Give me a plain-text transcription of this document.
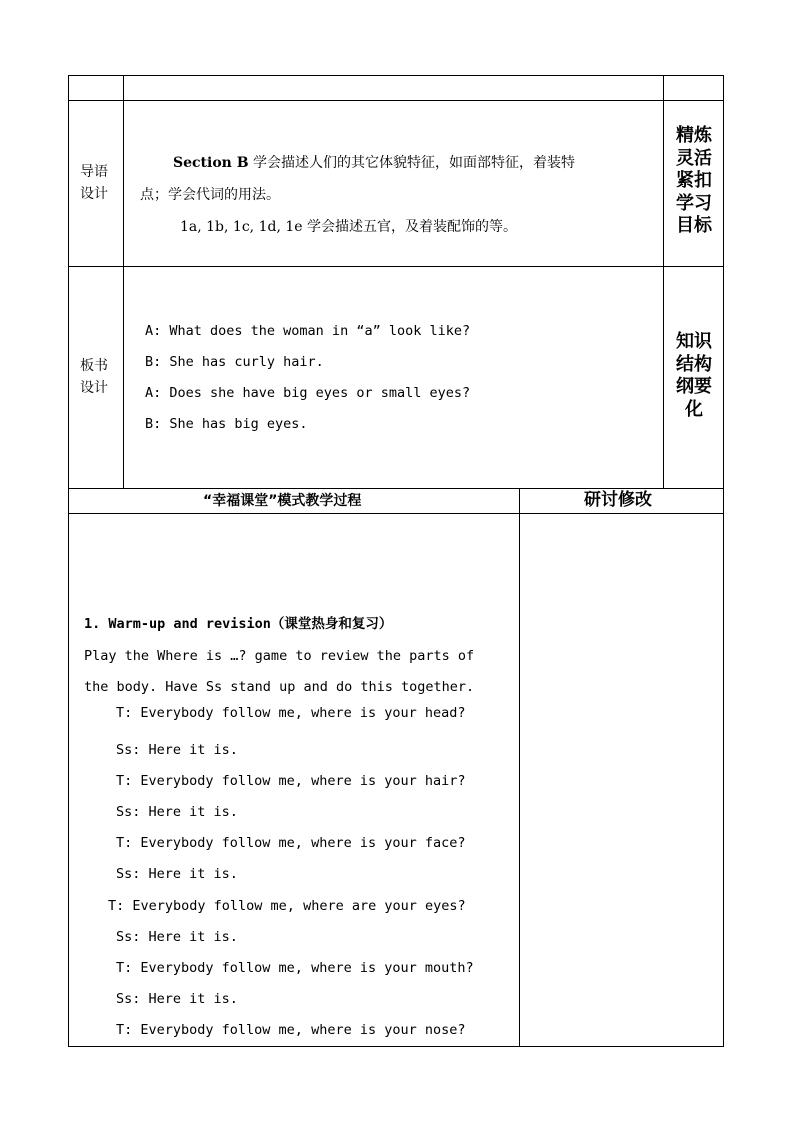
导语
设计
板书
设计
精炼
灵活
紧扣
学习
目标
知识
结构
纲要
化
Section B 学会描述人们的其它体貌特征，如面部特征，着装特
点；学会代词的用法。
1a, 1b, 1c, 1d, 1e 学会描述五官，及着装配饰的等。
A: What does the woman in “a” look like?
B: She has curly hair.
A: Does she have big eyes or small eyes?
B: She has big eyes.
“幸福课堂”模式教学过程	研讨修改
1. Warm-up and revision（课堂热身和复习）
Play the Where is …? game to review the parts of
the body. Have Ss stand up and do this together.
T: Everybody follow me, where is your head?
Ss: Here it is.
T: Everybody follow me, where is your hair?
Ss: Here it is.
T: Everybody follow me, where is your face?
Ss: Here it is.
T: Everybody follow me, where are your eyes?
Ss: Here it is.
T: Everybody follow me, where is your mouth?
Ss: Here it is.
T: Everybody follow me, where is your nose?
